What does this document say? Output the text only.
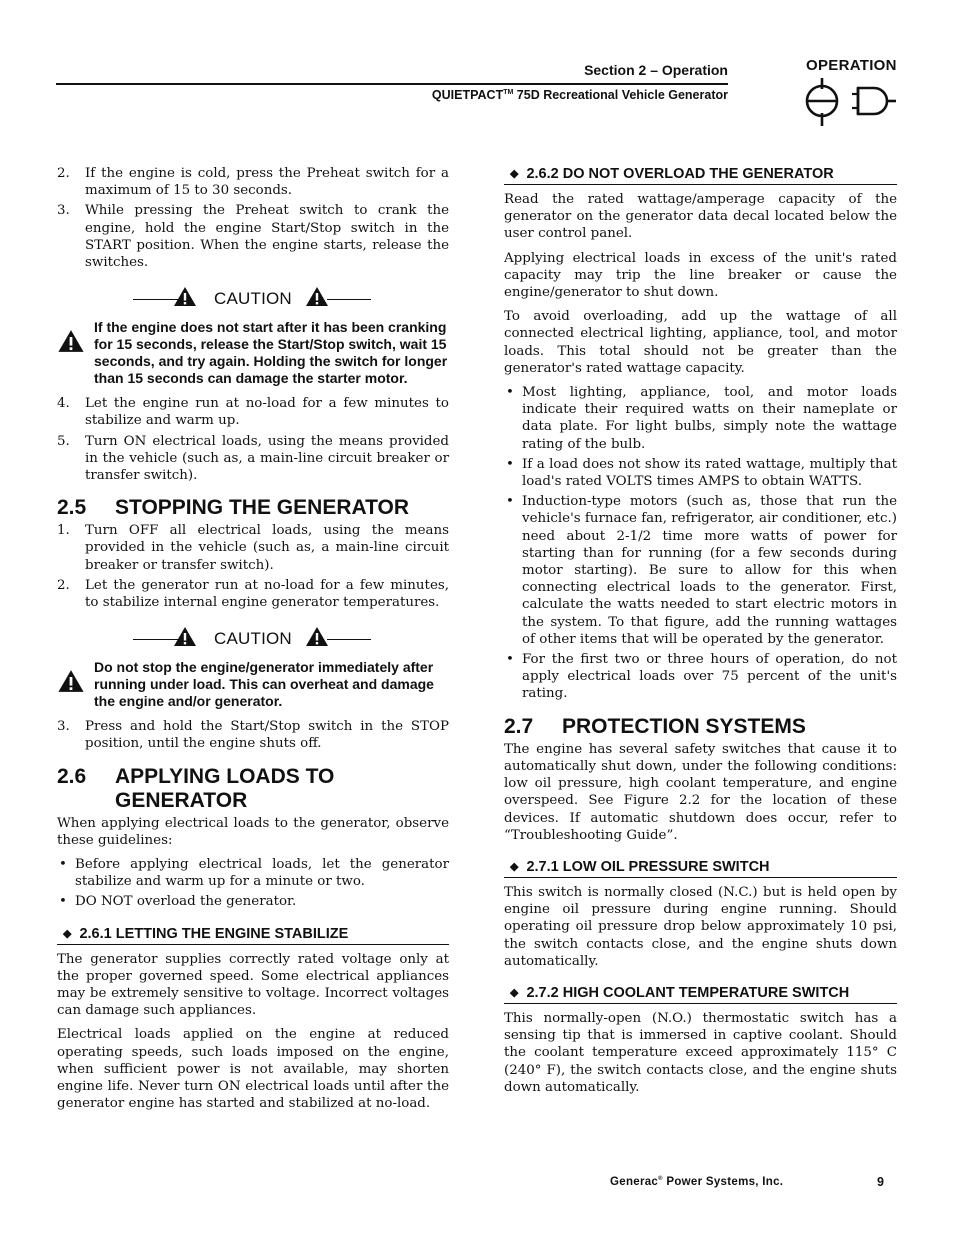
Section 2 – Operation
QUIETPACT™ 75D Recreational Vehicle Generator
OPERATION
2.	If the engine is cold, press the Preheat switch for a maximum of 15 to 30 seconds.
3.	While pressing the Preheat switch to crank the engine, hold the engine Start/Stop switch in the START position. When the engine starts, release the switches.
CAUTION
If the engine does not start after it has been cranking for 15 seconds, release the Start/Stop switch, wait 15 seconds, and try again. Holding the switch for longer than 15 seconds can damage the starter motor.
4.	Let the engine run at no-load for a few minutes to stabilize and warm up.
5.	Turn ON electrical loads, using the means provided in the vehicle (such as, a main-line circuit breaker or transfer switch).
2.5	STOPPING THE GENERATOR
1.	Turn OFF all electrical loads, using the means provided in the vehicle (such as, a main-line circuit breaker or transfer switch).
2.	Let the generator run at no-load for a few minutes, to stabilize internal engine generator temperatures.
CAUTION
Do not stop the engine/generator immediately after running under load. This can overheat and damage the engine and/or generator.
3.	Press and hold the Start/Stop switch in the STOP position, until the engine shuts off.
2.6	APPLYING LOADS TO GENERATOR

When applying electrical loads to the generator, observe these guidelines:

• Before applying electrical loads, let the generator stabilize and warm up for a minute or two.
• DO NOT overload the generator.
◆ 2.6.1 LETTING THE ENGINE STABILIZE

The generator supplies correctly rated voltage only at the proper governed speed. Some electrical appliances may be extremely sensitive to voltage. Incorrect voltages can damage such appliances.

Electrical loads applied on the engine at reduced operating speeds, such loads imposed on the engine, when sufficient power is not available, may shorten engine life. Never turn ON electrical loads until after the generator engine has started and stabilized at no-load.

◆ 2.6.2 DO NOT OVERLOAD THE GENERATOR

Read the rated wattage/amperage capacity of the generator on the generator data decal located below the user control panel.

Applying electrical loads in excess of the unit's rated capacity may trip the line breaker or cause the engine/generator to shut down.

To avoid overloading, add up the wattage of all connected electrical lighting, appliance, tool, and motor loads. This total should not be greater than the generator's rated wattage capacity.

• Most lighting, appliance, tool, and motor loads indicate their required watts on their nameplate or data plate. For light bulbs, simply note the wattage rating of the bulb.
• If a load does not show its rated wattage, multiply that load's rated VOLTS times AMPS to obtain WATTS.
• Induction-type motors (such as, those that run the vehicle's furnace fan, refrigerator, air conditioner, etc.) need about 2-1/2 time more watts of power for starting than for running (for a few seconds during motor starting). Be sure to allow for this when connecting electrical loads to the generator. First, calculate the watts needed to start electric motors in the system. To that figure, add the running wattages of other items that will be operated by the generator.
• For the first two or three hours of operation, do not apply electrical loads over 75 percent of the unit's rating.
2.7	PROTECTION SYSTEMS

The engine has several safety switches that cause it to automatically shut down, under the following conditions: low oil pressure, high coolant temperature, and engine overspeed. See Figure 2.2 for the location of these devices. If automatic shutdown does occur, refer to “Troubleshooting Guide”.

◆ 2.7.1 LOW OIL PRESSURE SWITCH

This switch is normally closed (N.C.) but is held open by engine oil pressure during engine running. Should operating oil pressure drop below approximately 10 psi, the switch contacts close, and the engine shuts down automatically.

◆ 2.7.2 HIGH COOLANT TEMPERATURE SWITCH

This normally-open (N.O.) thermostatic switch has a sensing tip that is immersed in captive coolant. Should the coolant temperature exceed approximately 115° C (240° F), the switch contacts close, and the engine shuts down automatically.

Generac® Power Systems, Inc.	9
